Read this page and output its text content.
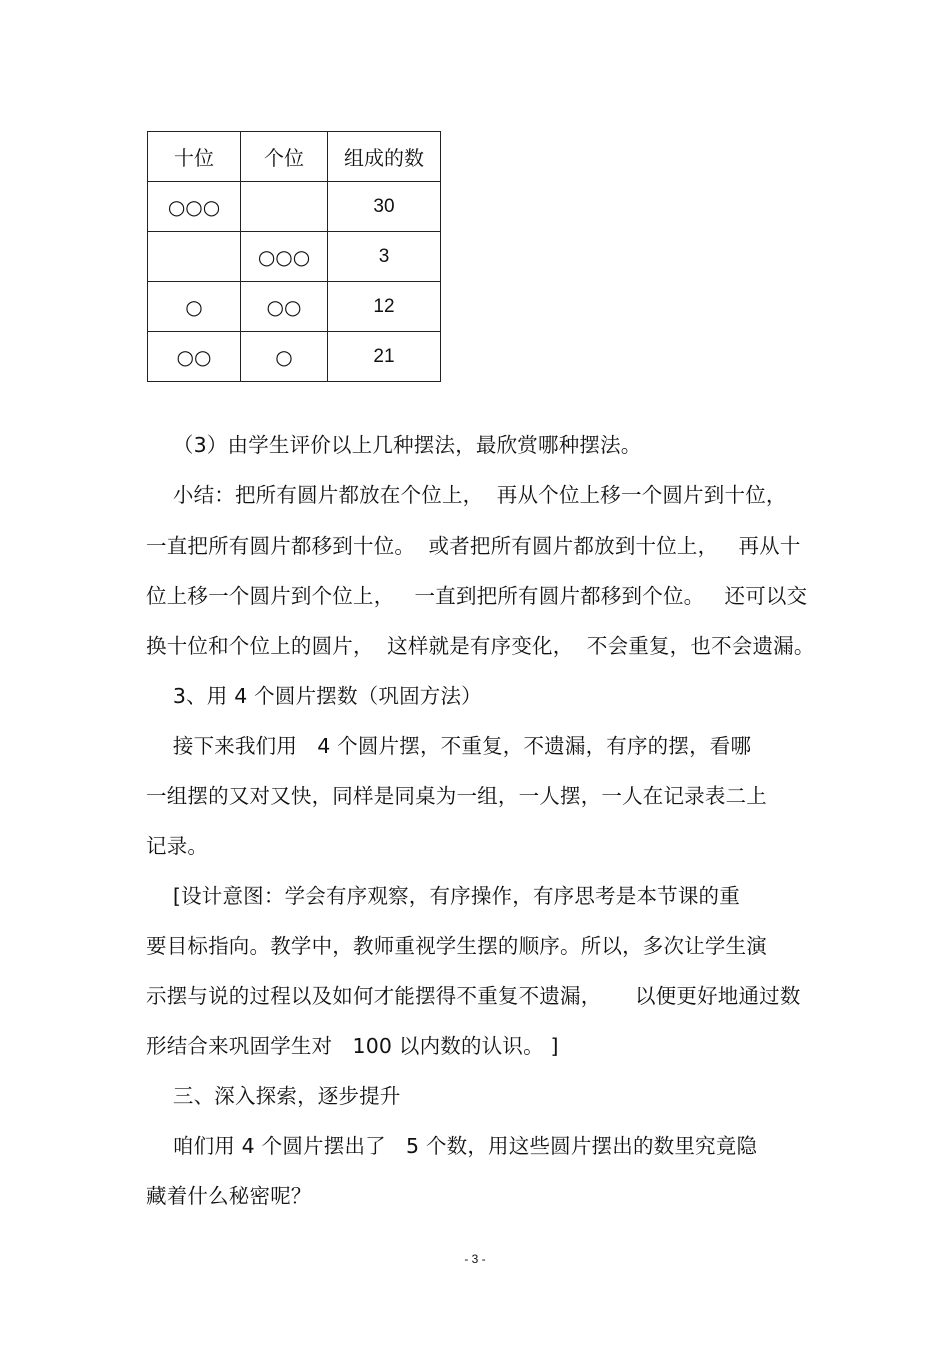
十位	个位	组成的数
○○○		30
	○○○	3
○	○○	12
○○	○	21
（3）由学生评价以上几种摆法，最欣赏哪种摆法。
小结：把所有圆片都放在个位上，  再从个位上移一个圆片到十位，
一直把所有圆片都移到十位。  或者把所有圆片都放到十位上，   再从十
位上移一个圆片到个位上，   一直到把所有圆片都移到个位。   还可以交
换十位和个位上的圆片，  这样就是有序变化，  不会重复，也不会遗漏。
3、用 4 个圆片摆数（巩固方法）
接下来我们用   4 个圆片摆，不重复，不遗漏，有序的摆，看哪
一组摆的又对又快，同样是同桌为一组，一人摆，一人在记录表二上
记录。
[设计意图：学会有序观察，有序操作，有序思考是本节课的重
要目标指向。教学中，教师重视学生摆的顺序。所以，多次让学生演
示摆与说的过程以及如何才能摆得不重复不遗漏，     以便更好地通过数
形结合来巩固学生对   100 以内数的认识。 ]
三、深入探索，逐步提升
咱们用 4 个圆片摆出了   5 个数，用这些圆片摆出的数里究竟隐
藏着什么秘密呢？
- 3 -
